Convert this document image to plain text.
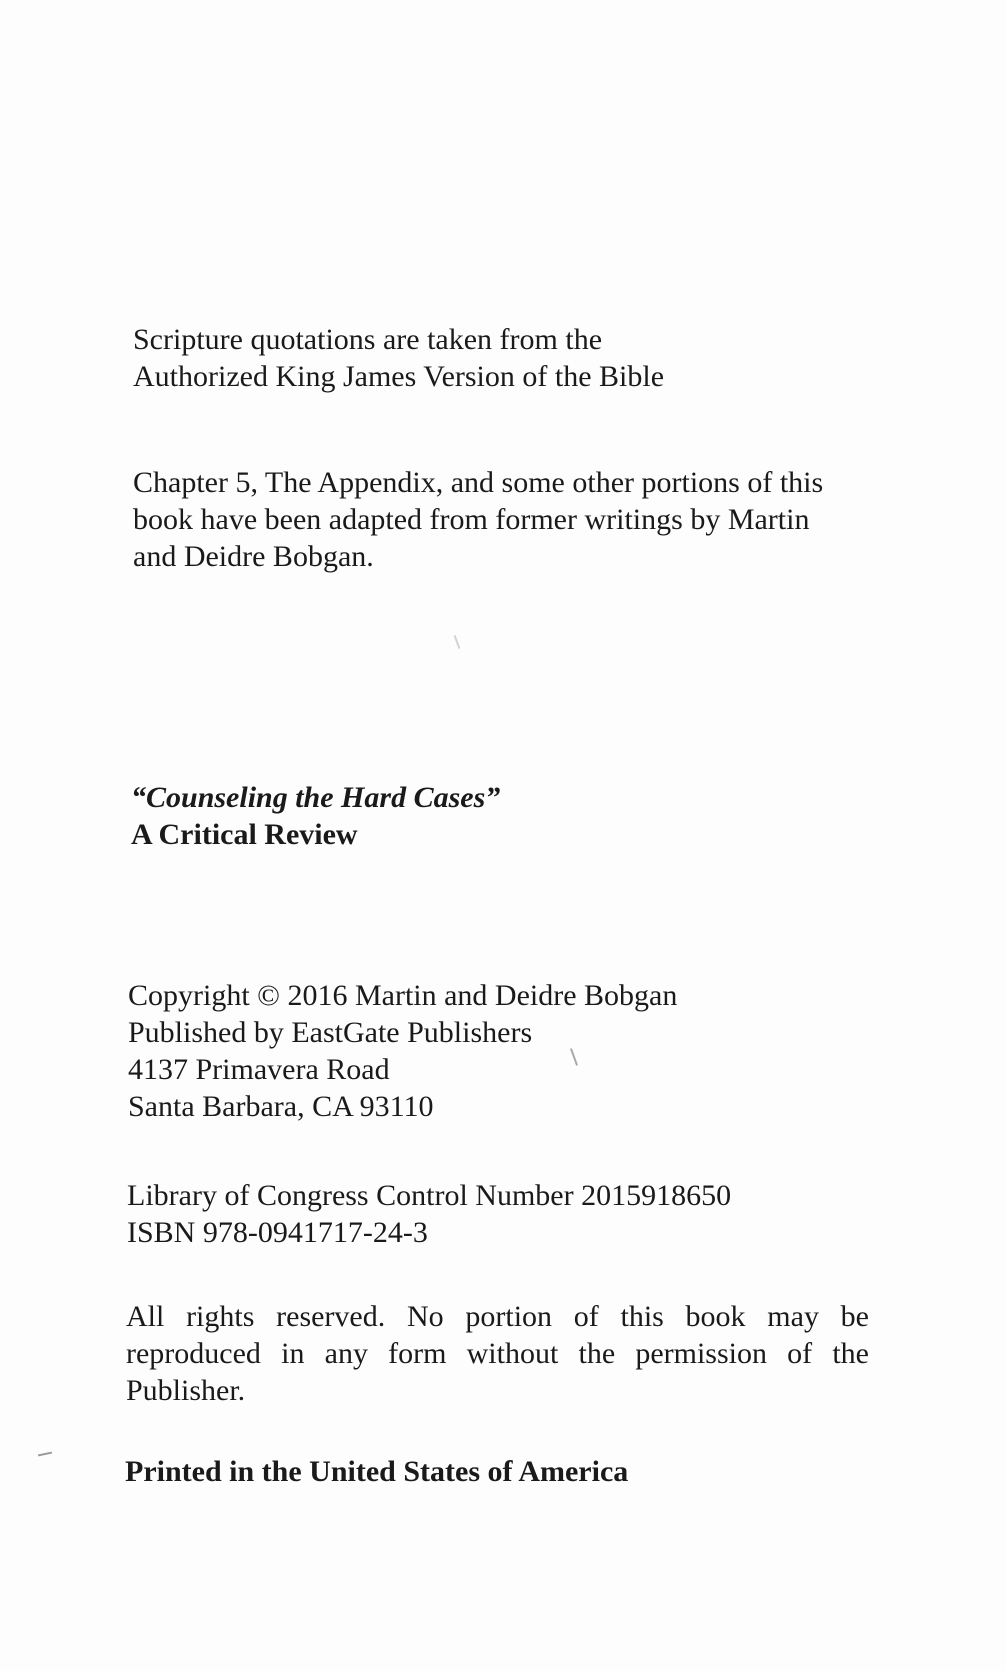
Scripture quotations are taken from the

Authorized King James Version of the Bible

Chapter 5, The Appendix, and some other portions of this

book have been adapted from former writings by Martin

and Deidre Bobgan.

“Counseling the Hard Cases”

A Critical Review

Copyright © 2016 Martin and Deidre Bobgan

Published by EastGate Publishers

4137 Primavera Road

Santa Barbara, CA 93110

Library of Congress Control Number 2015918650

ISBN 978-0941717-24-3

All rights reserved. No portion of this book may be

reproduced in any form without the permission of the

Publisher.

Printed in the United States of America
